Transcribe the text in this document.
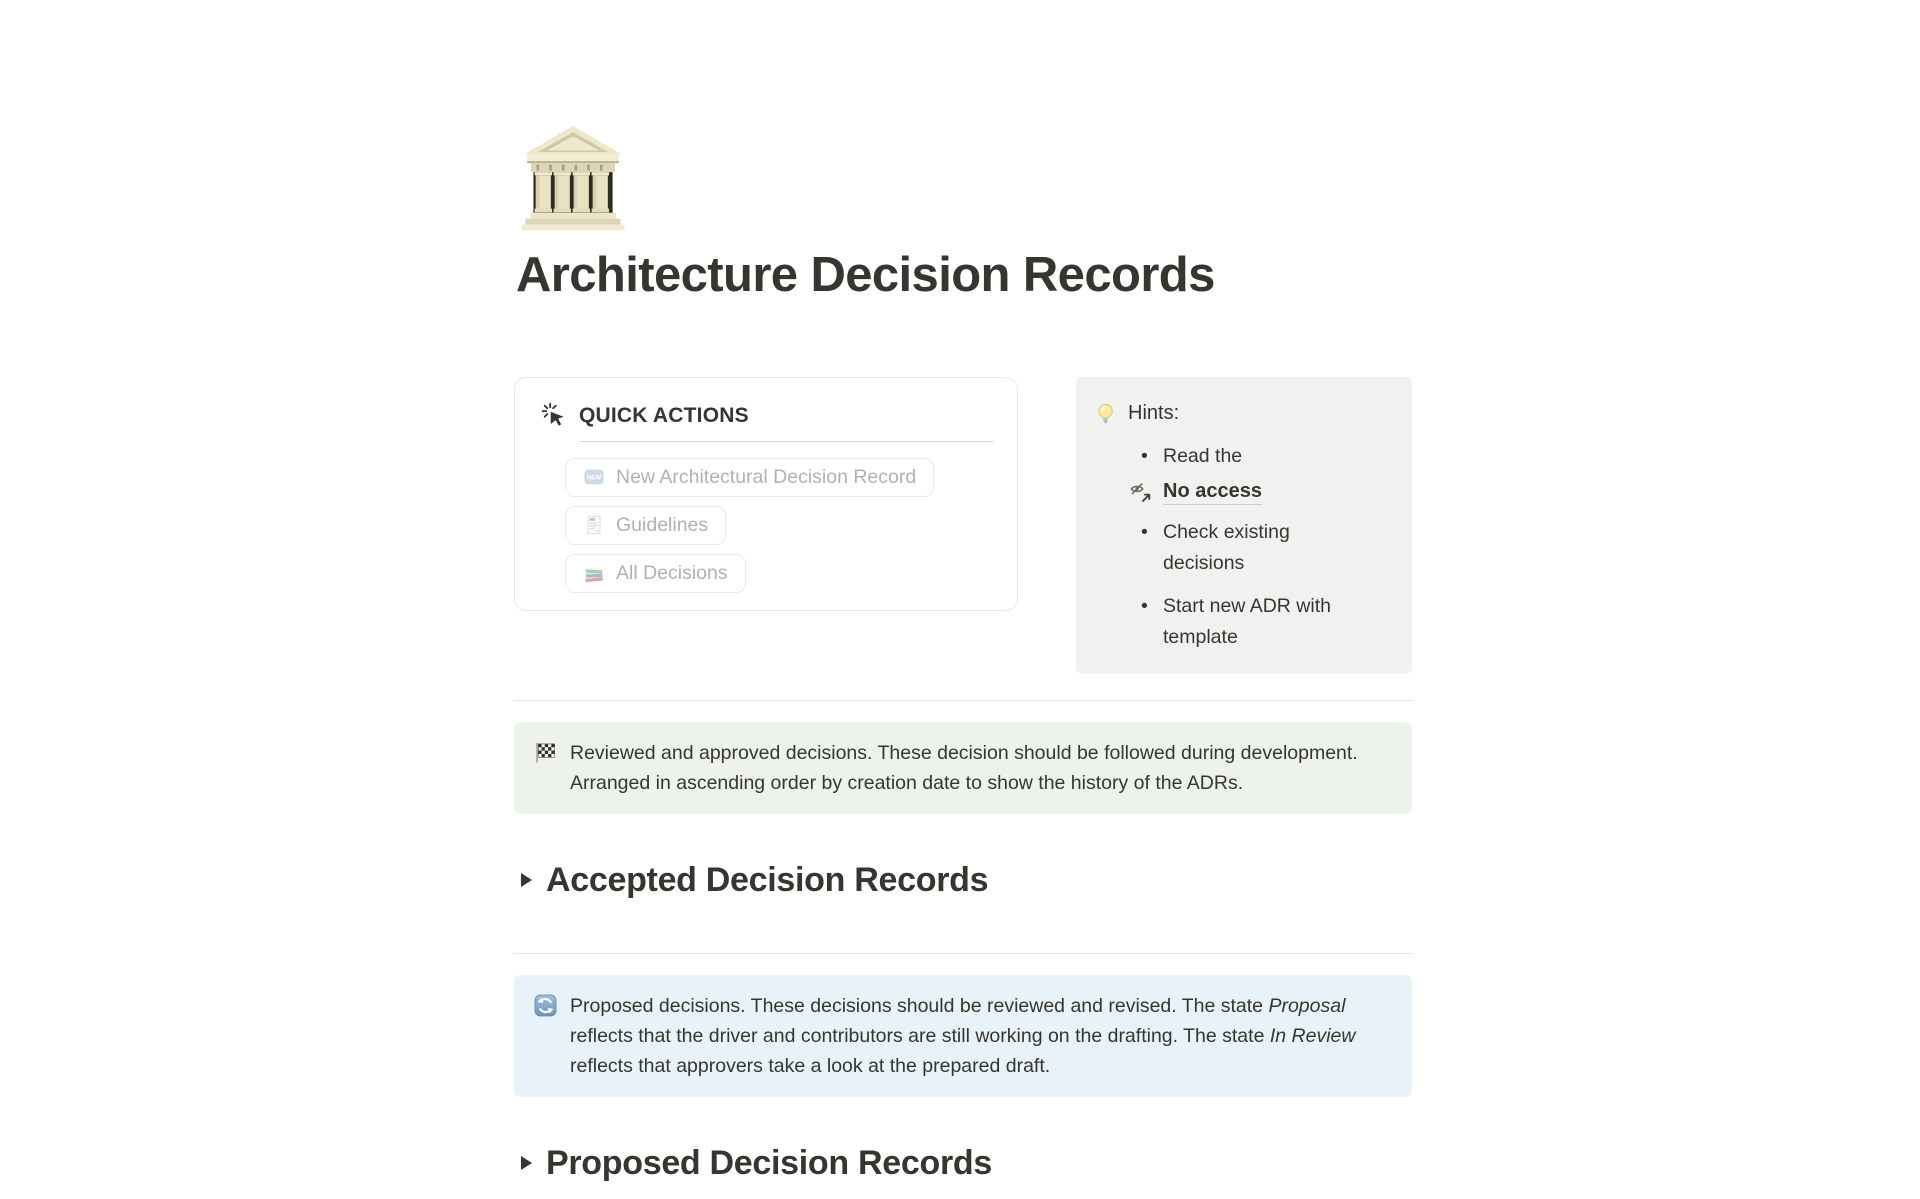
Architecture Decision Records
QUICK ACTIONS
NEW New Architectural Decision Record
Guidelines
All Decisions
Hints:
• Read the
No access
• Check existing decisions
• Start new ADR with template

Reviewed and approved decisions. These decision should be followed during development. Arranged in ascending order by creation date to show the history of the ADRs.

Accepted Decision Records

Proposed decisions. These decisions should be reviewed and revised. The state Proposal reflects that the driver and contributors are still working on the drafting. The state In Review reflects that approvers take a look at the prepared draft.

Proposed Decision Records
